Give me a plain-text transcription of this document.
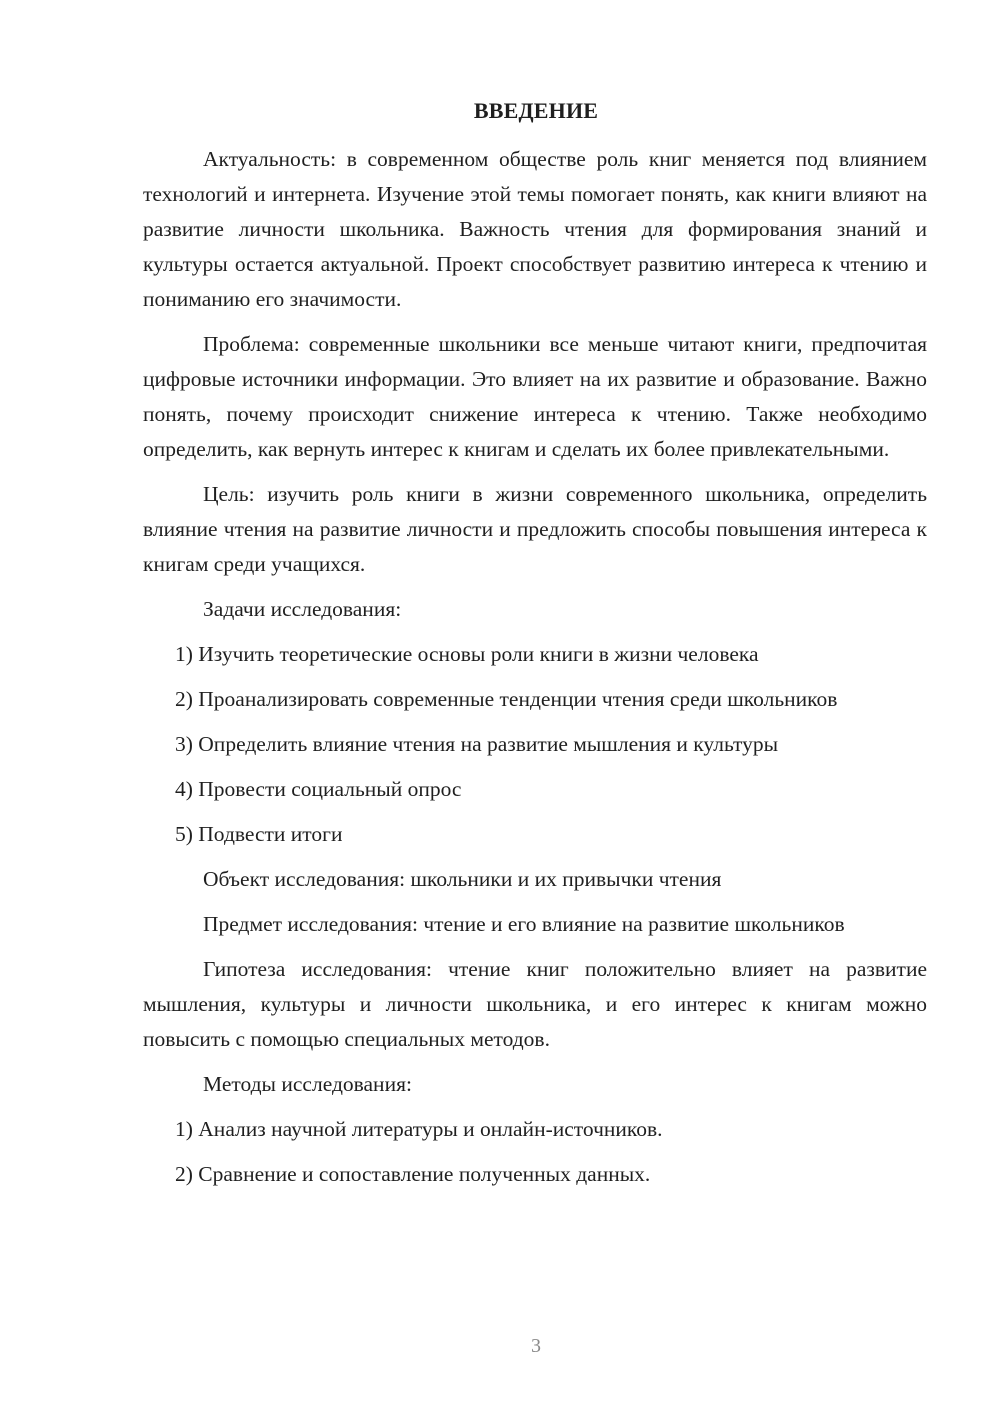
ВВЕДЕНИЕ

Актуальность: в современном обществе роль книг меняется под влиянием технологий и интернета. Изучение этой темы помогает понять, как книги влияют на развитие личности школьника. Важность чтения для формирования знаний и культуры остается актуальной. Проект способствует развитию интереса к чтению и пониманию его значимости.

Проблема: современные школьники все меньше читают книги, предпочитая цифровые источники информации. Это влияет на их развитие и образование. Важно понять, почему происходит снижение интереса к чтению. Также необходимо определить, как вернуть интерес к книгам и сделать их более привлекательными.

Цель: изучить роль книги в жизни современного школьника, определить влияние чтения на развитие личности и предложить способы повышения интереса к книгам среди учащихся.

Задачи исследования:

1) Изучить теоретические основы роли книги в жизни человека

2) Проанализировать современные тенденции чтения среди школьников

3) Определить влияние чтения на развитие мышления и культуры

4) Провести социальный опрос

5) Подвести итоги

Объект исследования: школьники и их привычки чтения

Предмет исследования: чтение и его влияние на развитие школьников

Гипотеза исследования: чтение книг положительно влияет на развитие мышления, культуры и личности школьника, и его интерес к книгам можно повысить с помощью специальных методов.

Методы исследования:

1) Анализ научной литературы и онлайн-источников.

2) Сравнение и сопоставление полученных данных.

3
